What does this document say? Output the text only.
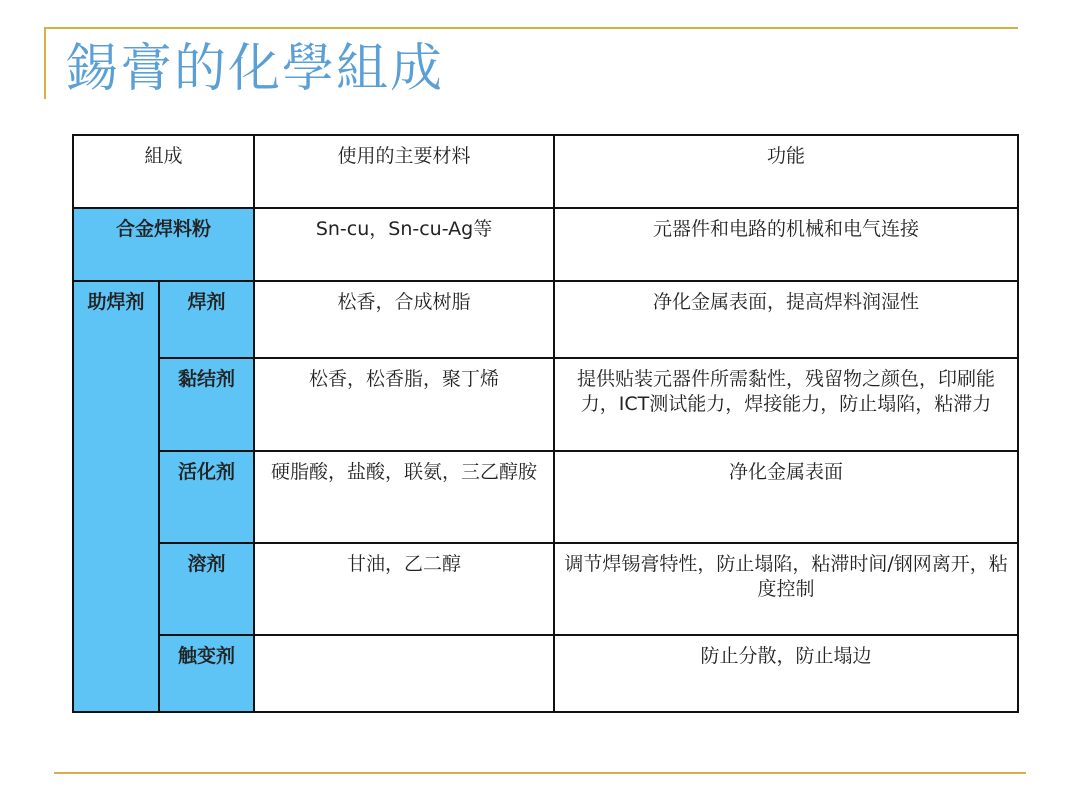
錫膏的化學組成
組成		使用的主要材料	功能
合金焊料粉		Sn-cu，Sn-cu-Ag等	元器件和电路的机械和电气连接
助焊剂	焊剂	松香，合成树脂	净化金属表面，提高焊料润湿性
	黏结剂	松香，松香脂，聚丁烯	提供贴装元器件所需黏性，残留物之颜色，印刷能力，ICT测试能力，焊接能力，防止塌陷，粘滞力
	活化剂	硬脂酸，盐酸，联氨，三乙醇胺	净化金属表面
	溶剂	甘油，乙二醇	调节焊锡膏特性，防止塌陷，粘滞时间/钢网离开，粘度控制
	触变剂		防止分散，防止塌边
